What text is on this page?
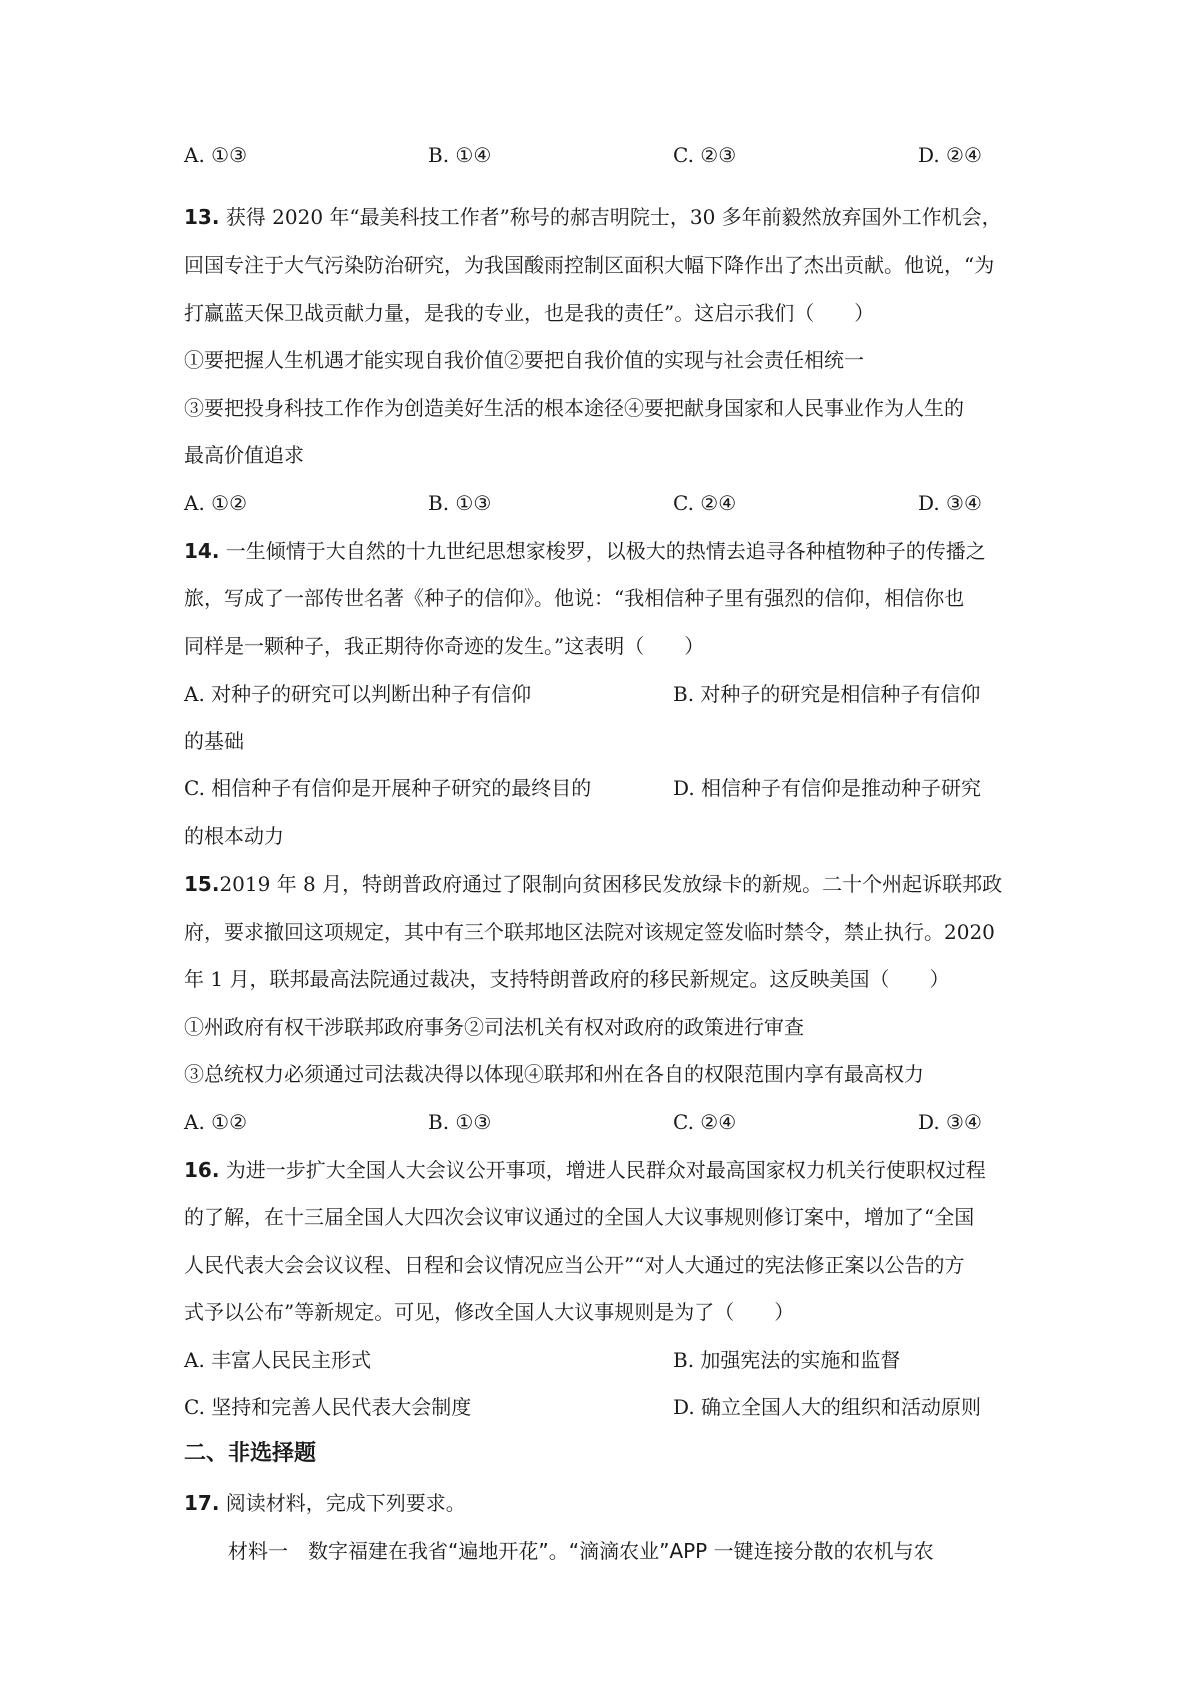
A. ①③	B. ①④	C. ②③	D. ②④
13. 获得 2020 年“最美科技工作者”称号的郝吉明院士，30 多年前毅然放弃国外工作机会，
回国专注于大气污染防治研究，为我国酸雨控制区面积大幅下降作出了杰出贡献。他说，“为
打赢蓝天保卫战贡献力量，是我的专业，也是我的责任”。这启示我们（　　）
①要把握人生机遇才能实现自我价值②要把自我价值的实现与社会责任相统一
③要把投身科技工作作为创造美好生活的根本途径④要把献身国家和人民事业作为人生的
最高价值追求
A. ①②	B. ①③	C. ②④	D. ③④
14. 一生倾情于大自然的十九世纪思想家梭罗，以极大的热情去追寻各种植物种子的传播之
旅，写成了一部传世名著《种子的信仰》。他说：“我相信种子里有强烈的信仰，相信你也
同样是一颗种子，我正期待你奇迹的发生。”这表明（　　）
A. 对种子的研究可以判断出种子有信仰	B. 对种子的研究是相信种子有信仰
的基础
C. 相信种子有信仰是开展种子研究的最终目的	D. 相信种子有信仰是推动种子研究
的根本动力
15.2019 年 8 月，特朗普政府通过了限制向贫困移民发放绿卡的新规。二十个州起诉联邦政
府，要求撤回这项规定，其中有三个联邦地区法院对该规定签发临时禁令，禁止执行。2020
年 1 月，联邦最高法院通过裁决，支持特朗普政府的移民新规定。这反映美国（　　）
①州政府有权干涉联邦政府事务②司法机关有权对政府的政策进行审查
③总统权力必须通过司法裁决得以体现④联邦和州在各自的权限范围内享有最高权力
A. ①②	B. ①③	C. ②④	D. ③④
16. 为进一步扩大全国人大会议公开事项，增进人民群众对最高国家权力机关行使职权过程
的了解，在十三届全国人大四次会议审议通过的全国人大议事规则修订案中，增加了“全国
人民代表大会会议议程、日程和会议情况应当公开”“对人大通过的宪法修正案以公告的方
式予以公布”等新规定。可见，修改全国人大议事规则是为了（　　）
A. 丰富人民民主形式	B. 加强宪法的实施和监督
C. 坚持和完善人民代表大会制度	D. 确立全国人大的组织和活动原则
二、非选择题
17. 阅读材料，完成下列要求。
材料一　数字福建在我省“遍地开花”。“滴滴农业”APP 一键连接分散的农机与农
